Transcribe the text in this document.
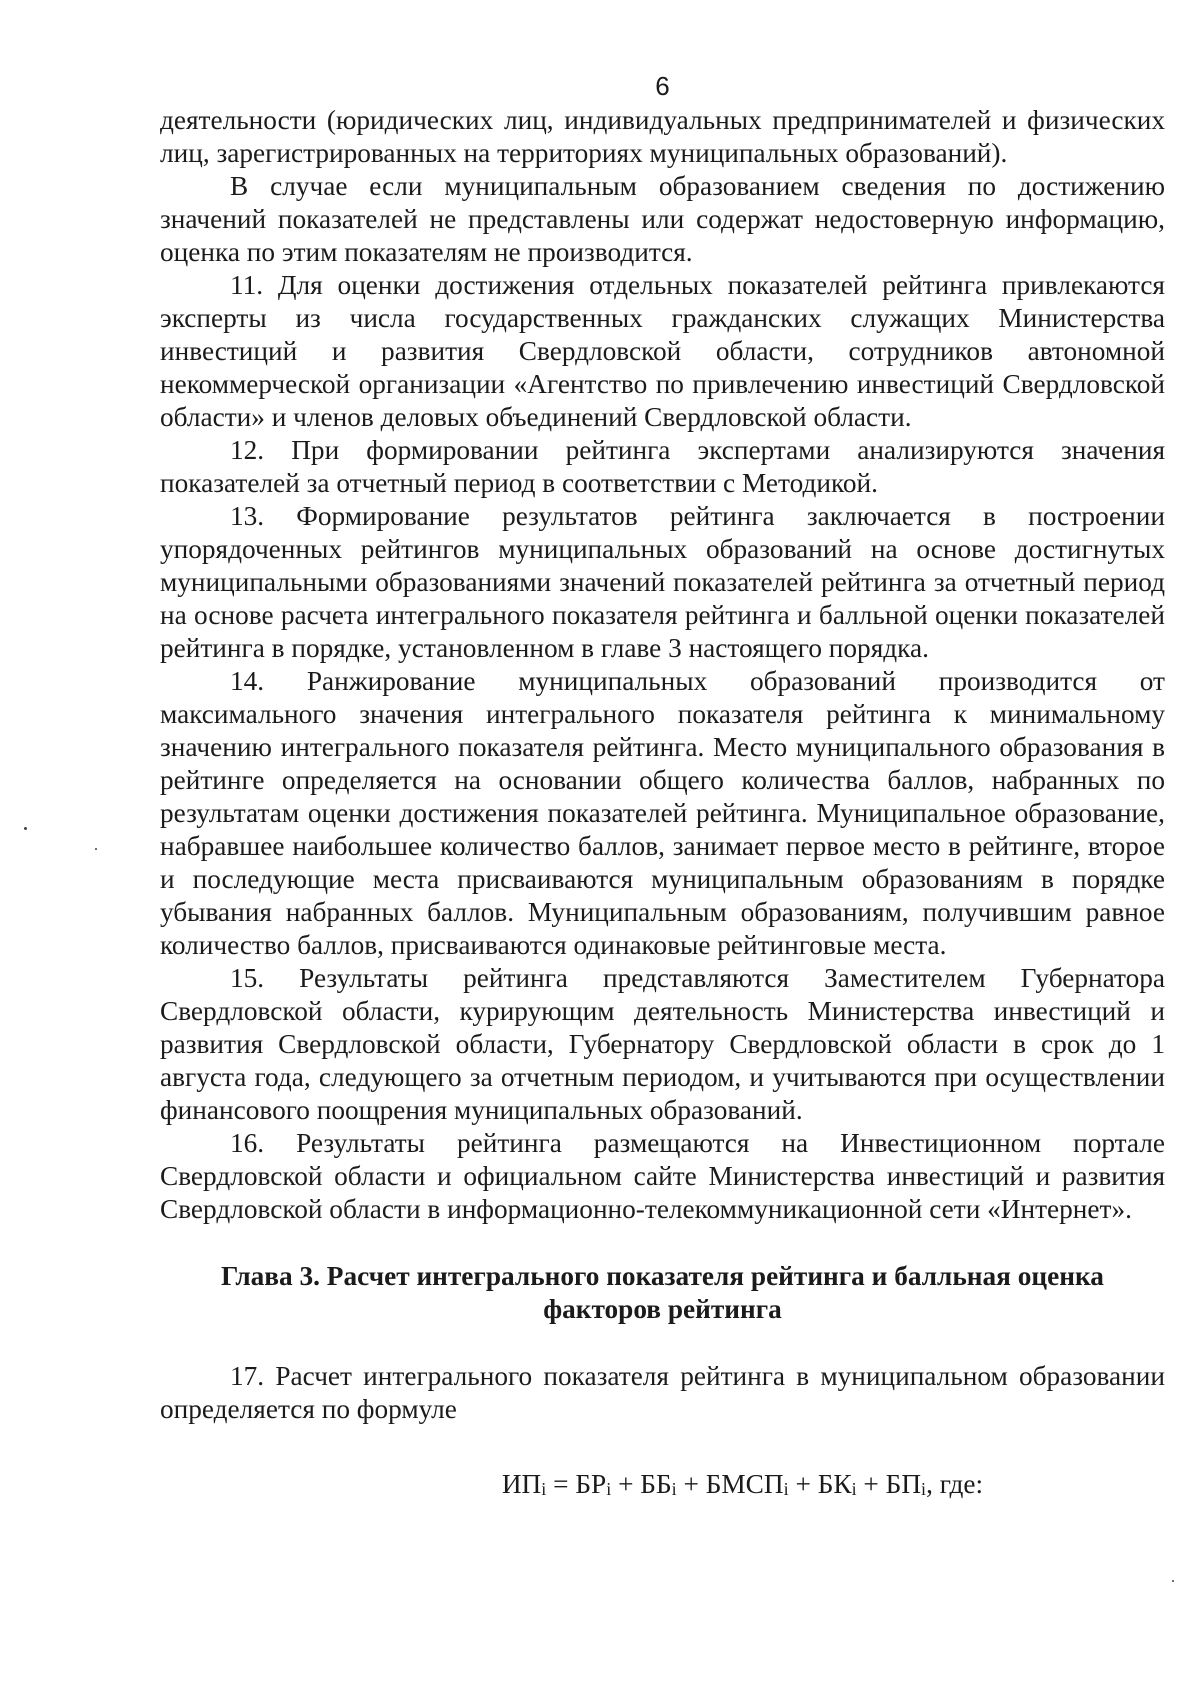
6

деятельности (юридических лиц, индивидуальных предпринимателей и физических лиц, зарегистрированных на территориях муниципальных образований).

В случае если муниципальным образованием сведения по достижению значений показателей не представлены или содержат недостоверную информацию, оценка по этим показателям не производится.

11. Для оценки достижения отдельных показателей рейтинга привлекаются эксперты из числа государственных гражданских служащих Министерства инвестиций и развития Свердловской области, сотрудников автономной некоммерческой организации «Агентство по привлечению инвестиций Свердловской области» и членов деловых объединений Свердловской области.

12. При формировании рейтинга экспертами анализируются значения показателей за отчетный период в соответствии с Методикой.

13. Формирование результатов рейтинга заключается в построении упорядоченных рейтингов муниципальных образований на основе достигнутых муниципальными образованиями значений показателей рейтинга за отчетный период на основе расчета интегрального показателя рейтинга и балльной оценки показателей рейтинга в порядке, установленном в главе 3 настоящего порядка.

14. Ранжирование муниципальных образований производится от максимального значения интегрального показателя рейтинга к минимальному значению интегрального показателя рейтинга. Место муниципального образования в рейтинге определяется на основании общего количества баллов, набранных по результатам оценки достижения показателей рейтинга. Муниципальное образование, набравшее наибольшее количество баллов, занимает первое место в рейтинге, второе и последующие места присваиваются муниципальным образованиям в порядке убывания набранных баллов. Муниципальным образованиям, получившим равное количество баллов, присваиваются одинаковые рейтинговые места.

15. Результаты рейтинга представляются Заместителем Губернатора Свердловской области, курирующим деятельность Министерства инвестиций и развития Свердловской области, Губернатору Свердловской области в срок до 1 августа года, следующего за отчетным периодом, и учитываются при осуществлении финансового поощрения муниципальных образований.

16. Результаты рейтинга размещаются на Инвестиционном портале Свердловской области и официальном сайте Министерства инвестиций и развития Свердловской области в информационно-телекоммуникационной сети «Интернет».

Глава 3. Расчет интегрального показателя рейтинга и балльная оценка факторов рейтинга

17. Расчет интегрального показателя рейтинга в муниципальном образовании определяется по формуле

$ИП_i = БР_i + ББ_i$ + $БМСП_i + БК_i + БП_i$, где:
